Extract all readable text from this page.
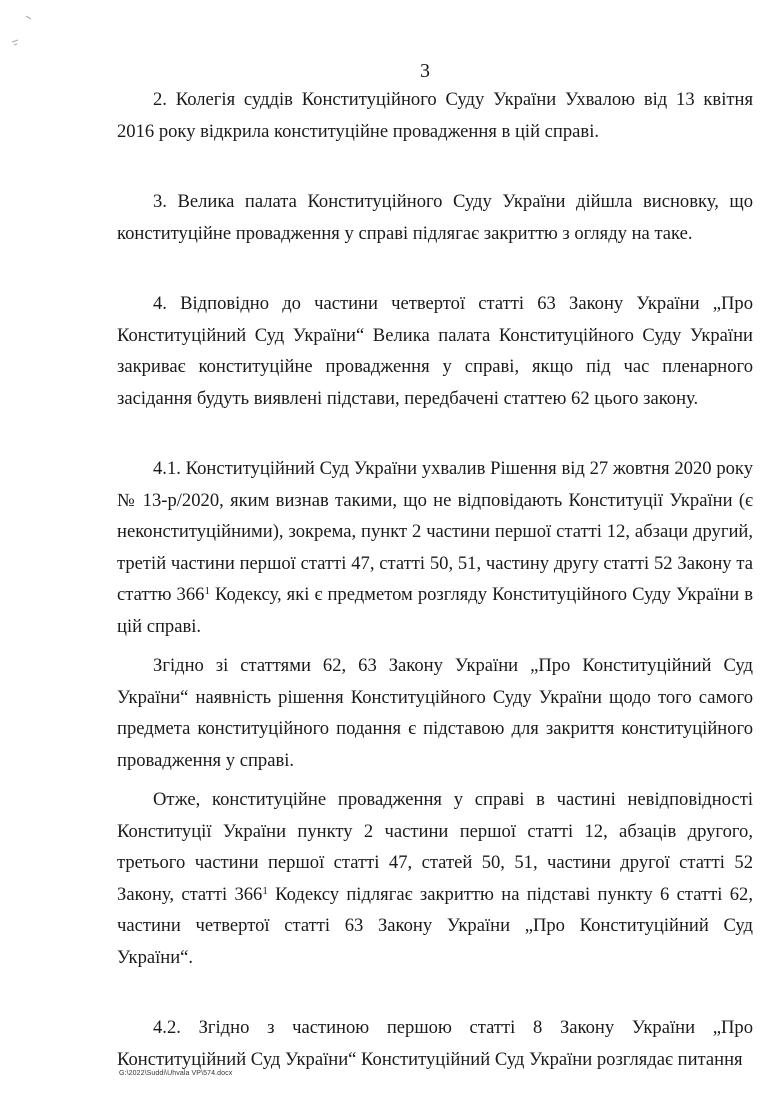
3

2. Колегія суддів Конституційного Суду України Ухвалою від 13 квітня 2016 року відкрила конституційне провадження в цій справі.

3. Велика палата Конституційного Суду України дійшла висновку, що конституційне провадження у справі підлягає закриттю з огляду на таке.

4. Відповідно до частини четвертої статті 63 Закону України „Про Конституційний Суд України“ Велика палата Конституційного Суду України закриває конституційне провадження у справі, якщо під час пленарного засідання будуть виявлені підстави, передбачені статтею 62 цього закону.

4.1. Конституційний Суд України ухвалив Рішення від 27 жовтня 2020 року № 13-р/2020, яким визнав такими, що не відповідають Конституції України (є неконституційними), зокрема, пункт 2 частини першої статті 12, абзаци другий, третій частини першої статті 47, статті 50, 51, частину другу статті 52 Закону та статтю $366^1$ Кодексу, які є предметом розгляду Конституційного Суду України в цій справі.

Згідно зі статтями 62, 63 Закону України „Про Конституційний Суд України“ наявність рішення Конституційного Суду України щодо того самого предмета конституційного подання є підставою для закриття конституційного провадження у справі.

Отже, конституційне провадження у справі в частині невідповідності Конституції України пункту 2 частини першої статті 12, абзаців другого, третього частини першої статті 47, статей 50, 51, частини другої статті 52 Закону, статті $366^1$ Кодексу підлягає закриттю на підставі пункту 6 статті 62, частини четвертої статті 63 Закону України „Про Конституційний Суд України“.

4.2. Згідно з частиною першою статті 8 Закону України „Про Конституційний Суд України“ Конституційний Суд України розглядає питання

G:\2022\Suddi\Uhvala VP\574.docx
